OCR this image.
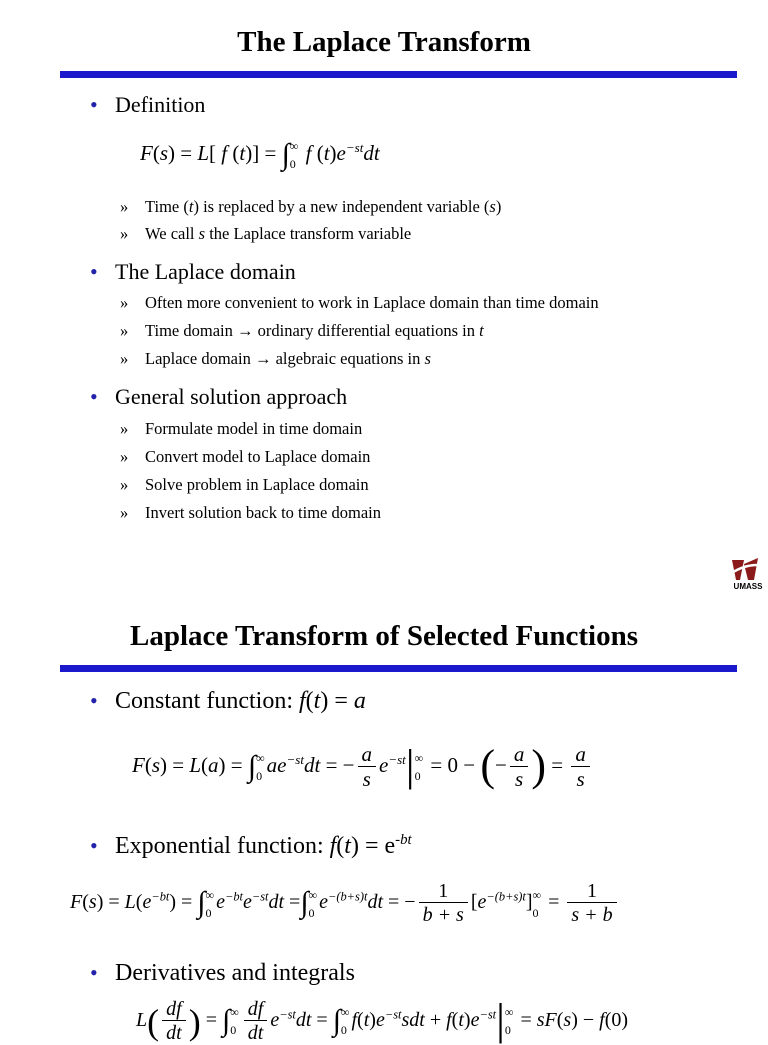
The Laplace Transform
• Definition
F(s) = L[ f (t)] = ∫ ∞
0 f $(t)e^{-st}dt$
» Time (t) is replaced by a new independent variable (s)
» We call s the Laplace transform variable
• The Laplace domain
» Often more convenient to work in Laplace domain than time domain
» Time domain → ordinary differential equations in t
» Laplace domain → algebraic equations in s
• General solution approach
» Formulate model in time domain
» Convert model to Laplace domain
» Solve problem in Laplace domain
» Invert solution back to time domain
UMASS
Laplace Transform of Selected Functions
• Constant function: f(t) = a
F(s) = L(a) = ∫ ∞
0 $ae^{-st}dt$ = − $\frac{a}{s} e^{-st}|$ ∞
0 = 0 − (− $\frac{a}{s}$ ) = $\frac{a}{s}$
• Exponential function: $f(t) = e^{-bt}$
$F(s) = L(e^{-bt})$ = ∫ ∞
0 $e^{-bt}e^{-st}dt$ =∫ ∞
0 $e^{-(b+s)t}dt$ = − $\frac{1}{b + s} [e^{-(b+s)t}]$ ∞
$0 = \frac{1}{s + b}$
• Derivatives and integrals
$L( \frac{df}{dt}$ ) = ∫ ∞
$0 \frac{df}{dt} e^{-st}dt$ = ∫ ∞
0 $f(t)e^{-st}sdt + f(t)e^{-st}|$ ∞
0 = sF(s) − f(0)
